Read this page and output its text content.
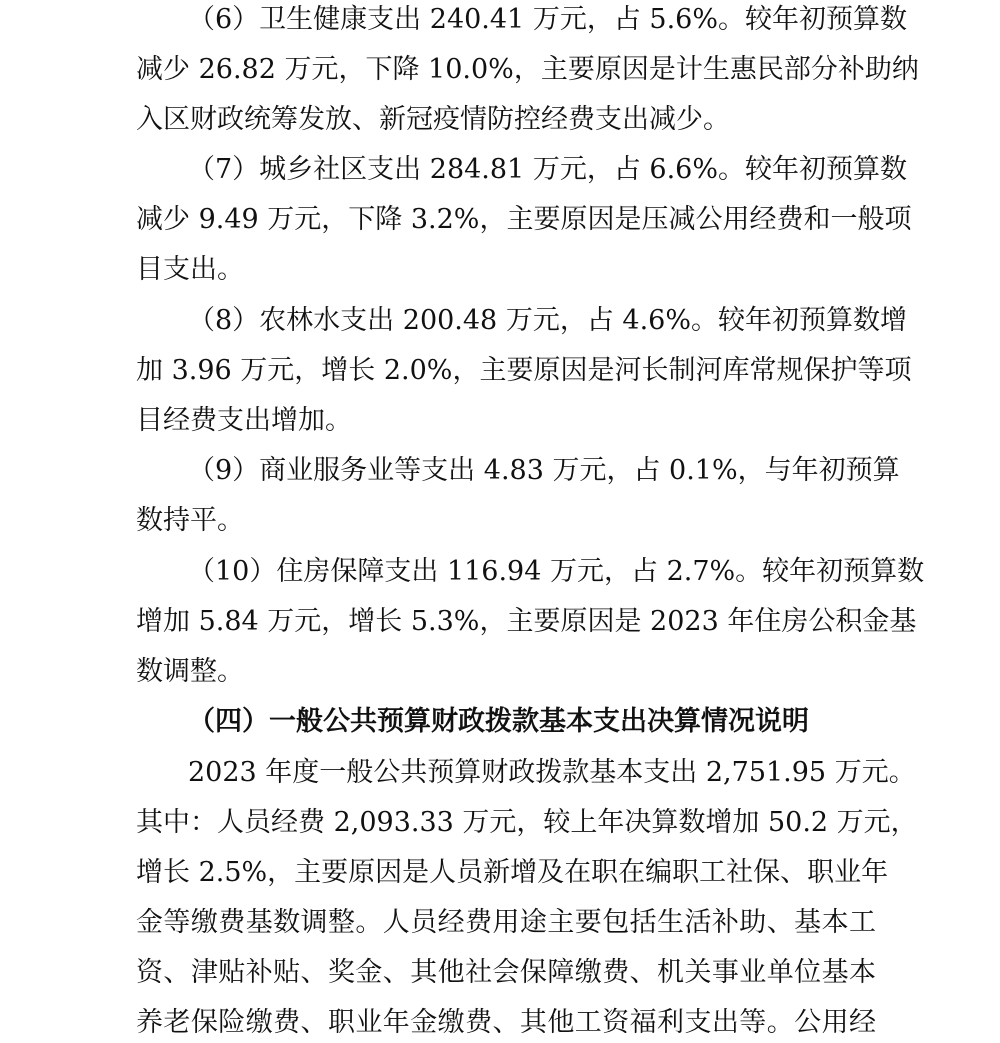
（6）卫生健康支出 240.41 万元，占 5.6%。较年初预算数
减少 26.82 万元，下降 10.0%，主要原因是计生惠民部分补助纳
入区财政统筹发放、新冠疫情防控经费支出减少。
（7）城乡社区支出 284.81 万元，占 6.6%。较年初预算数
减少 9.49 万元，下降 3.2%，主要原因是压减公用经费和一般项
目支出。
（8）农林水支出 200.48 万元，占 4.6%。较年初预算数增
加 3.96 万元，增长 2.0%，主要原因是河长制河库常规保护等项
目经费支出增加。
（9）商业服务业等支出 4.83 万元，占 0.1%，与年初预算
数持平。
（10）住房保障支出 116.94 万元，占 2.7%。较年初预算数
增加 5.84 万元，增长 5.3%，主要原因是 2023 年住房公积金基
数调整。
（四）一般公共预算财政拨款基本支出决算情况说明
2023 年度一般公共预算财政拨款基本支出 2,751.95 万元。
其中：人员经费 2,093.33 万元，较上年决算数增加 50.2 万元，
增长 2.5%，主要原因是人员新增及在职在编职工社保、职业年
金等缴费基数调整。人员经费用途主要包括生活补助、基本工
资、津贴补贴、奖金、其他社会保障缴费、机关事业单位基本
养老保险缴费、职业年金缴费、其他工资福利支出等。公用经
